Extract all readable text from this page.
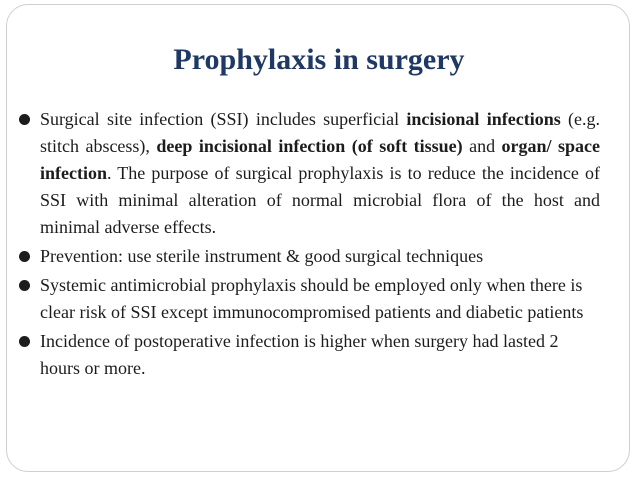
Prophylaxis in surgery
Surgical site infection (SSI) includes superficial incisional infections (e.g. stitch abscess), deep incisional infection (of soft tissue) and organ/ space infection. The purpose of surgical prophylaxis is to reduce the incidence of SSI with minimal alteration of normal microbial flora of the host and minimal adverse effects.
Prevention: use sterile instrument & good surgical techniques
Systemic antimicrobial prophylaxis should be employed only when there is clear risk of SSI except immunocompromised patients and diabetic patients
Incidence of postoperative infection is higher when surgery had lasted 2 hours or more.
